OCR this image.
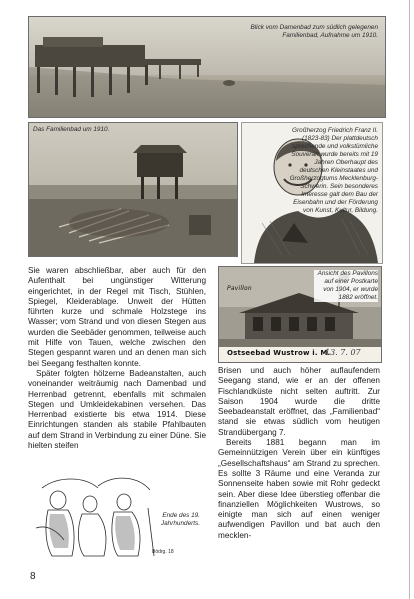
Blick vom Damenbad zum südlich gelegenen Familienbad, Aufnahme um 1910.
Das Familienbad um 1910.	Großherzog Friedrich Franz II. (1823-83) Der plattdeutsch sprechende und volkstümliche Souverän wurde bereits mit 19 Jahren Oberhaupt des deutschen Kleinstaates und Großherzogtums Mecklenburg-Schwerin. Sein besonderes Interesse galt dem Bau der Eisenbahn und der Förderung von Kunst, Kultur, Bildung.

Sie waren abschließbar, aber auch für den Aufenthalt bei ungünstiger Witterung eingerichtet, in der Regel mit Tisch, Stühlen, Spiegel, Kleiderablage. Unweit der Hütten führten kurze und schmale Holzstege ins Wasser; vom Strand und von diesen Stegen aus wurden die Seebäder genommen, teilweise auch mit Hilfe von Tauen, welche zwischen den Stegen gespannt waren und an denen man sich bei Seegang festhalten konnte.

Später folgten hölzerne Badeanstalten, auch voneinander weiträumig nach Damenbad und Herrenbad getrennt, ebenfalls mit schmalen Stegen und Umkleidekabinen versehen. Das Herrenbad existierte bis etwa 1914. Diese Einrichtungen standen als stabile Pfahlbauten auf dem Strand in Verbindung zu einer Düne. Sie hielten steifen

Pavillon
Ostseebad Wustrow i. M.
13. 7. 07
Ansicht des Pavillons auf einer Postkarte von 1904, er wurde 1882 eröffnet.

Brisen und auch höher auflaufendem Seegang stand, wie er an der offenen Fischlandküste nicht selten auftritt. Zur Saison 1904 wurde die dritte Seebadeanstalt eröffnet, das „Familienbad“ stand sie etwas südlich vom heutigen Strandübergang 7.

Bereits 1881 begann man im Gemeinnützigen Verein über ein künftiges „Gesellschaftshaus“ am Strand zu sprechen. Es sollte 3 Räume und eine Veranda zur Sonnenseite haben sowie mit Rohr gedeckt sein. Aber diese Idee überstieg offenbar die finanziellen Möglichkeiten Wustrows, so einigte man sich auf einen weniger aufwendigen Pavillon und bat auch den mecklen-

Ende des 19. Jahrhunderts.
Bödrg. 18
8
